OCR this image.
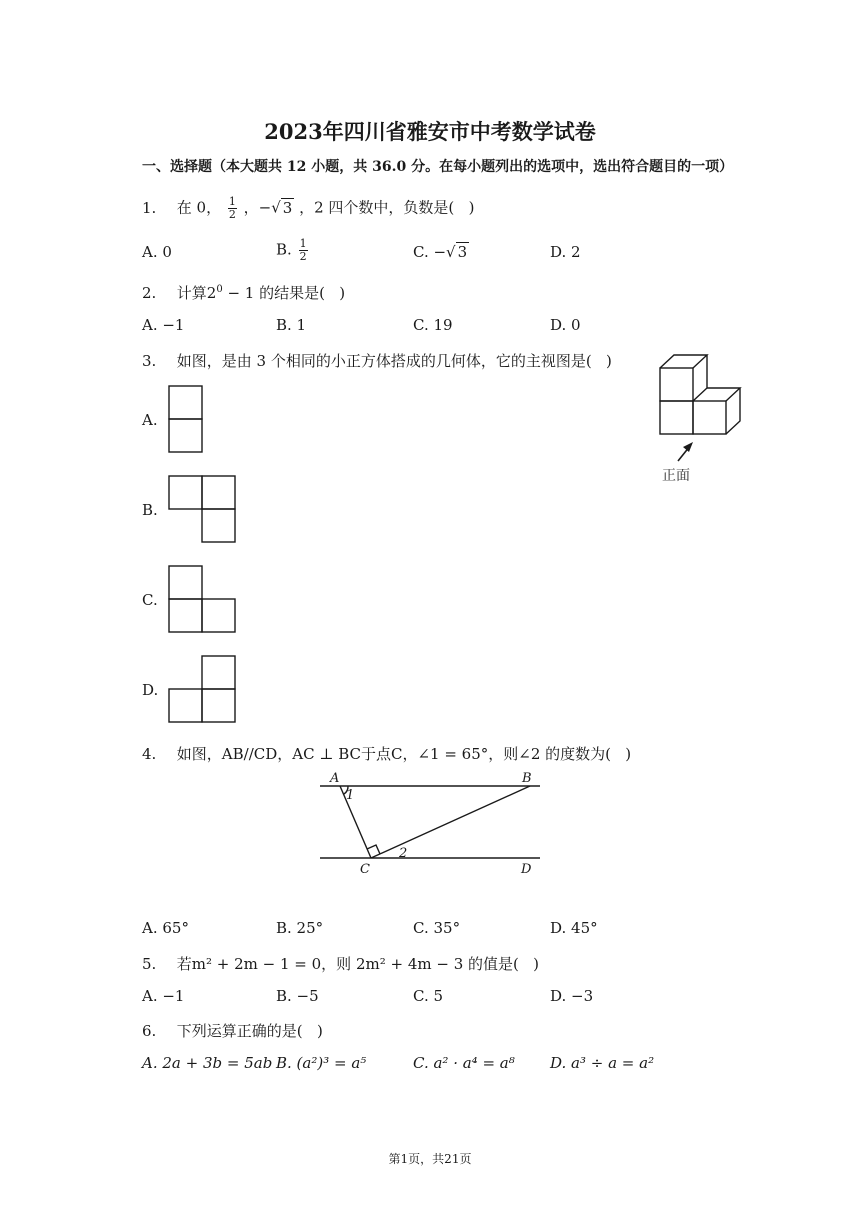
2023年四川省雅安市中考数学试卷
一、选择题（本大题共 12 小题，共 36.0 分。在每小题列出的选项中，选出符合题目的一项）
1. 在 0， $\frac{1}{2}$ ，−√ 3 ，2 四个数中，负数是(   )
A. 0	B. $\frac{1}{2}$	C. −√ 3	D. 2
2. 计算$2^0 - 1$ 的结果是(   )
A. −1	B. 1	C. 19	D. 0
3. 如图，是由 3 个相同的小正方体搭成的几何体，它的主视图是(   )
正面
A.
B.
C.
D.
4. 如图，AB//CD，AC ⊥ BC于点C，∠1 = 65°，则∠2 的度数为(   )
A	B
C	D
1
2
A. 65°	B. 25°	C. 35°	D. 45°
5. 若m² + 2m − 1 = 0，则 2m² + 4m − 3 的值是(   )
A. −1	B. −5	C. 5	D. −3
6. 下列运算正确的是(   )
A. 2a + 3b = 5ab B. (a²)³ = a⁵	C. a² · a⁴ = a⁸ D. a³ ÷ a = a²
第1页，共21页
